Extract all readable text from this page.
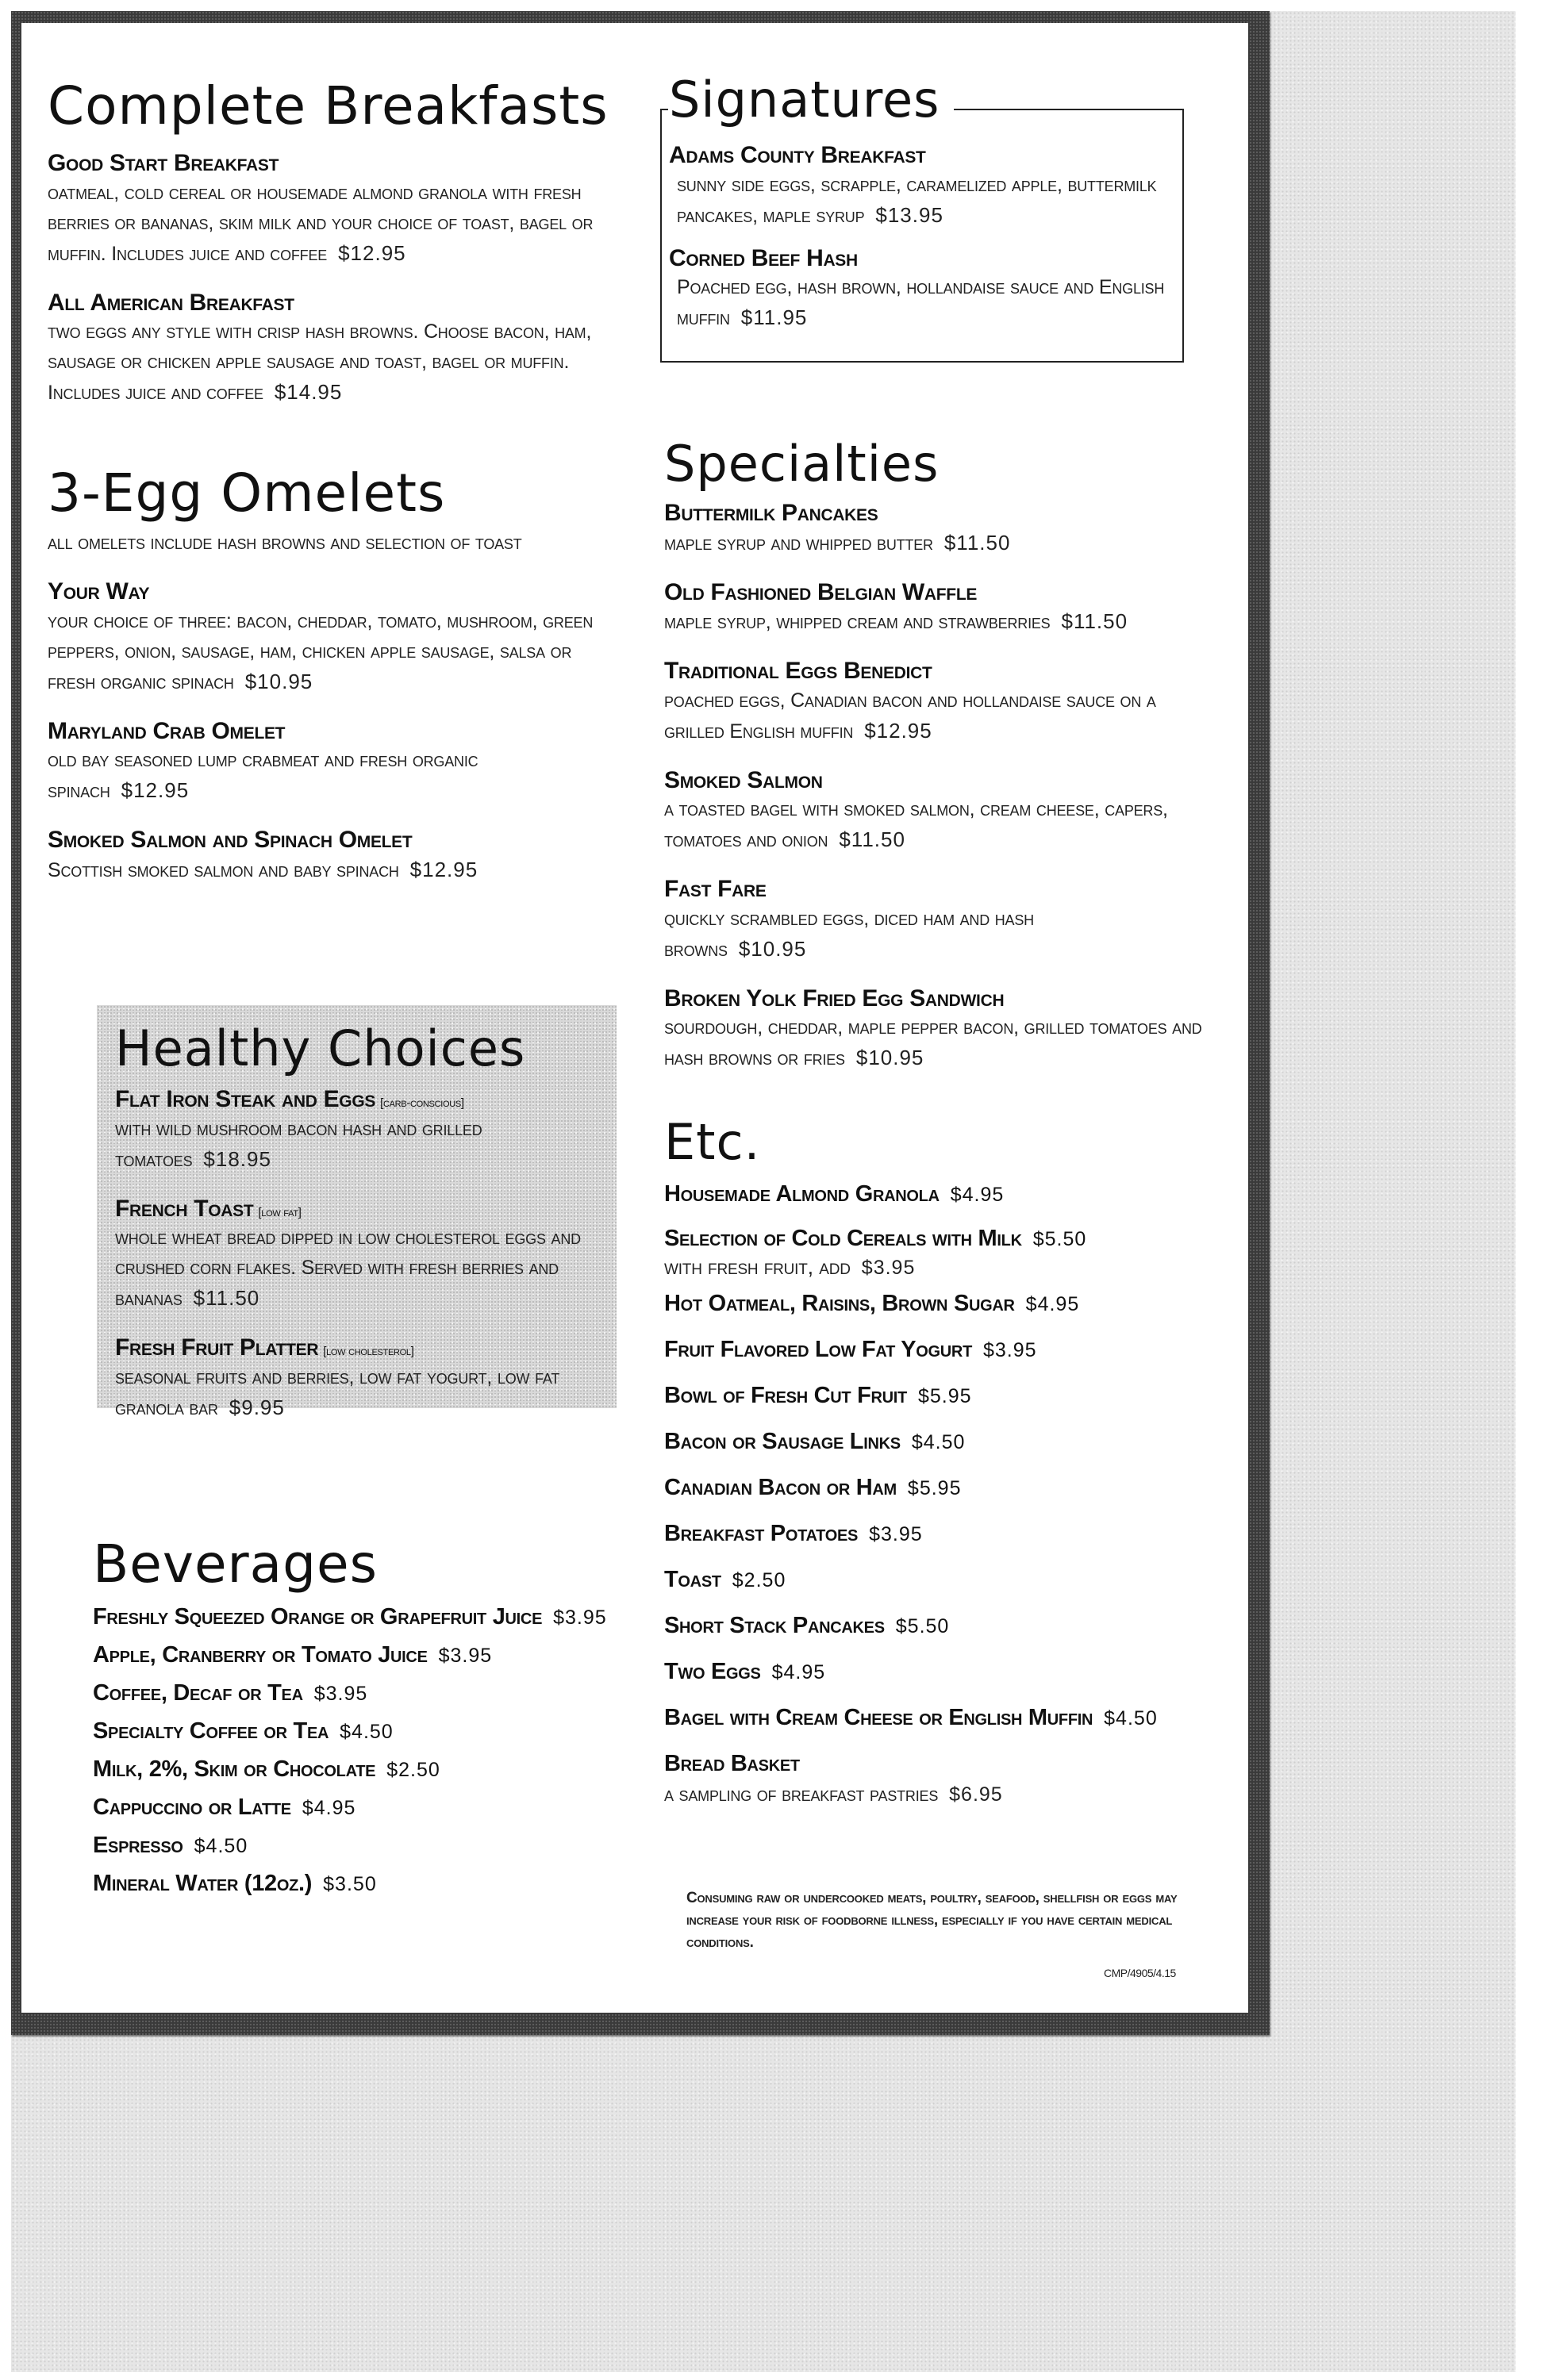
Complete Breakfasts
Good Start Breakfast
oatmeal, cold cereal or housemade almond granola with fresh berries or bananas, skim milk and your choice of toast, bagel or muffin. Includes juice and coffee $12.95
All American Breakfast
two eggs any style with crisp hash browns. Choose bacon, ham, sausage or chicken apple sausage and toast, bagel or muffin. Includes juice and coffee $14.95
Signatures
Adams County Breakfast
sunny side eggs, scrapple, caramelized apple, buttermilk pancakes, maple syrup $13.95
Corned Beef Hash
Poached egg, hash brown, hollandaise sauce and English muffin $11.95
3-Egg Omelets
all omelets include hash browns and selection of toast
Your Way
your choice of three: bacon, cheddar, tomato, mushroom, green peppers, onion, sausage, ham, chicken apple sausage, salsa or fresh organic spinach $10.95
Maryland Crab Omelet
old bay seasoned lump crabmeat and fresh organic spinach $12.95
Smoked Salmon and Spinach Omelet
Scottish smoked salmon and baby spinach $12.95
Specialties
Buttermilk Pancakes
maple syrup and whipped butter $11.50
Old Fashioned Belgian Waffle
maple syrup, whipped cream and strawberries $11.50
Traditional Eggs Benedict
poached eggs, Canadian bacon and hollandaise sauce on a grilled English muffin $12.95
Smoked Salmon
a toasted bagel with smoked salmon, cream cheese, capers, tomatoes and onion $11.50
Fast Fare
quickly scrambled eggs, diced ham and hash browns $10.95
Broken Yolk Fried Egg Sandwich
sourdough, cheddar, maple pepper bacon, grilled tomatoes and hash browns or fries $10.95
Healthy Choices
Flat Iron Steak and Eggs [carb-conscious]
with wild mushroom bacon hash and grilled tomatoes $18.95
French Toast [low fat]
whole wheat bread dipped in low cholesterol eggs and crushed corn flakes. Served with fresh berries and bananas $11.50
Fresh Fruit Platter [low cholesterol]
seasonal fruits and berries, low fat yogurt, low fat granola bar $9.95
Beverages
Freshly Squeezed Orange or Grapefruit Juice $3.95
Apple, Cranberry or Tomato Juice $3.95
Coffee, Decaf or Tea $3.95
Specialty Coffee or Tea $4.50
Milk, 2%, Skim or Chocolate $2.50
Cappuccino or Latte $4.95
Espresso $4.50
Mineral Water (12oz.) $3.50
Etc.
Housemade Almond Granola $4.95
Selection of Cold Cereals with Milk $5.50
with fresh fruit, add $3.95
Hot Oatmeal, Raisins, Brown Sugar $4.95
Fruit Flavored Low Fat Yogurt $3.95
Bowl of Fresh Cut Fruit $5.95
Bacon or Sausage Links $4.50
Canadian Bacon or Ham $5.95
Breakfast Potatoes $3.95
Toast $2.50
Short Stack Pancakes $5.50
Two Eggs $4.95
Bagel with Cream Cheese or English Muffin $4.50
Bread Basket
a sampling of breakfast pastries $6.95
Consuming raw or undercooked meats, poultry, seafood, shellfish or eggs may increase your risk of foodborne illness, especially if you have certain medical conditions.
CMP/4905/4.15
